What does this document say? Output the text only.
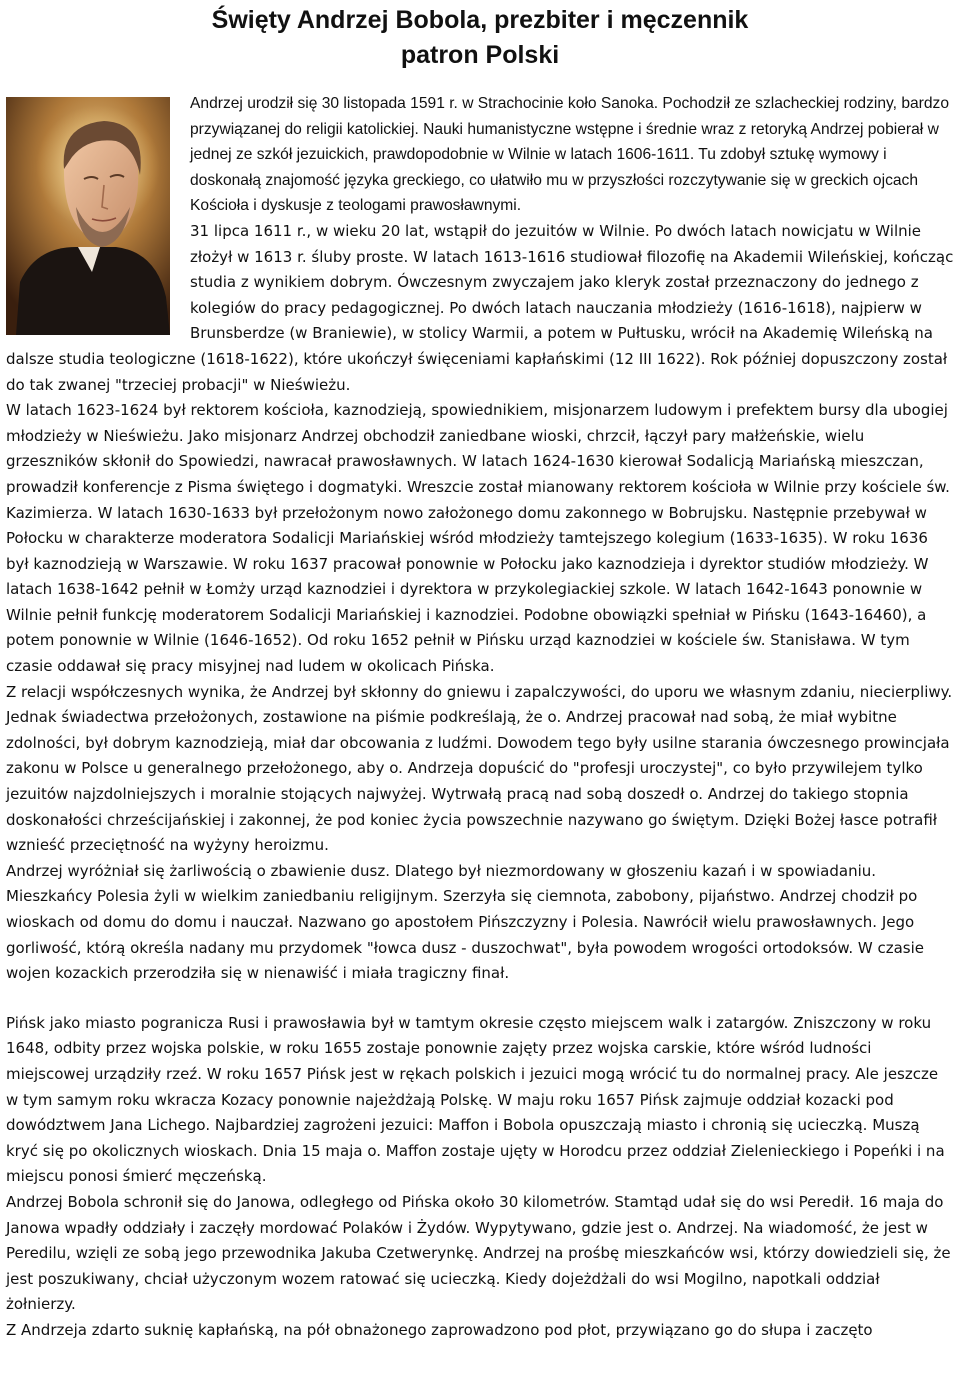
Święty Andrzej Bobola, prezbiter i męczennik
patron Polski

Andrzej urodził się 30 listopada 1591 r. w Strachocinie koło Sanoka. Pochodził ze szlacheckiej rodziny, bardzo przywiązanej do religii katolickiej. Nauki humanistyczne wstępne i średnie wraz z retoryką Andrzej pobierał w jednej ze szkół jezuickich, prawdopodobnie w Wilnie w latach 1606-1611. Tu zdobył sztukę wymowy i doskonałą znajomość języka greckiego, co ułatwiło mu w przyszłości rozczytywanie się w greckich ojcach Kościoła i dyskusje z teologami prawosławnymi.

31 lipca 1611 r., w wieku 20 lat, wstąpił do jezuitów w Wilnie. Po dwóch latach nowicjatu w Wilnie złożył w 1613 r. śluby proste. W latach 1613-1616 studiował filozofię na Akademii Wileńskiej, kończąc studia z wynikiem dobrym. Ówczesnym zwyczajem jako kleryk został przeznaczony do jednego z kolegiów do pracy pedagogicznej. Po dwóch latach nauczania młodzieży (1616-1618), najpierw w Brunsberdze (w Braniewie), w stolicy Warmii, a potem w Pułtusku, wrócił na Akademię Wileńską na dalsze studia teologiczne (1618-1622), które ukończył święceniami kapłańskimi (12 III 1622). Rok później dopuszczony został do tak zwanej "trzeciej probacji" w Nieświeżu.

W latach 1623-1624 był rektorem kościoła, kaznodzieją, spowiednikiem, misjonarzem ludowym i prefektem bursy dla ubogiej młodzieży w Nieświeżu. Jako misjonarz Andrzej obchodził zaniedbane wioski, chrzcił, łączył pary małżeńskie, wielu grzeszników skłonił do Spowiedzi, nawracał prawosławnych. W latach 1624-1630 kierował Sodalicją Mariańską mieszczan, prowadził konferencje z Pisma świętego i dogmatyki. Wreszcie został mianowany rektorem kościoła w Wilnie przy kościele św. Kazimierza. W latach 1630-1633 był przełożonym nowo założonego domu zakonnego w Bobrujsku. Następnie przebywał w Połocku w charakterze moderatora Sodalicji Mariańskiej wśród młodzieży tamtejszego kolegium (1633-1635). W roku 1636 był kaznodzieją w Warszawie. W roku 1637 pracował ponownie w Połocku jako kaznodzieja i dyrektor studiów młodzieży. W latach 1638-1642 pełnił w Łomży urząd kaznodziei i dyrektora w przykolegiackiej szkole. W latach 1642-1643 ponownie w Wilnie pełnił funkcję moderatorem Sodalicji Mariańskiej i kaznodziei. Podobne obowiązki spełniał w Pińsku (1643-16460), a potem ponownie w Wilnie (1646-1652). Od roku 1652 pełnił w Pińsku urząd kaznodziei w kościele św. Stanisława. W tym czasie oddawał się pracy misyjnej nad ludem w okolicach Pińska.

Z relacji współczesnych wynika, że Andrzej był skłonny do gniewu i zapalczywości, do uporu we własnym zdaniu, niecierpliwy. Jednak świadectwa przełożonych, zostawione na piśmie podkreślają, że o. Andrzej pracował nad sobą, że miał wybitne zdolności, był dobrym kaznodzieją, miał dar obcowania z ludźmi. Dowodem tego były usilne starania ówczesnego prowincjała zakonu w Polsce u generalnego przełożonego, aby o. Andrzeja dopuścić do "profesji uroczystej", co było przywilejem tylko jezuitów najzdolniejszych i moralnie stojących najwyżej. Wytrwałą pracą nad sobą doszedł o. Andrzej do takiego stopnia doskonałości chrześcijańskiej i zakonnej, że pod koniec życia powszechnie nazywano go świętym. Dzięki Bożej łasce potrafił wznieść przeciętność na wyżyny heroizmu.

Andrzej wyróżniał się żarliwością o zbawienie dusz. Dlatego był niezmordowany w głoszeniu kazań i w spowiadaniu. Mieszkańcy Polesia żyli w wielkim zaniedbaniu religijnym. Szerzyła się ciemnota, zabobony, pijaństwo. Andrzej chodził po wioskach od domu do domu i nauczał. Nazwano go apostołem Pińszczyzny i Polesia. Nawrócił wielu prawosławnych. Jego gorliwość, którą określa nadany mu przydomek "łowca dusz - duszochwat", była powodem wrogości ortodoksów. W czasie wojen kozackich przerodziła się w nienawiść i miała tragiczny finał.

Pińsk jako miasto pogranicza Rusi i prawosławia był w tamtym okresie często miejscem walk i zatargów. Zniszczony w roku 1648, odbity przez wojska polskie, w roku 1655 zostaje ponownie zajęty przez wojska carskie, które wśród ludności miejscowej urządziły rzeź. W roku 1657 Pińsk jest w rękach polskich i jezuici mogą wrócić tu do normalnej pracy. Ale jeszcze w tym samym roku wkracza Kozacy ponownie najeżdżają Polskę. W maju roku 1657 Pińsk zajmuje oddział kozacki pod dowództwem Jana Lichego. Najbardziej zagrożeni jezuici: Maffon i Bobola opuszczają miasto i chronią się ucieczką. Muszą kryć się po okolicznych wioskach. Dnia 15 maja o. Maffon zostaje ujęty w Horodcu przez oddział Zielenieckiego i Popeńki i na miejscu ponosi śmierć męczeńską.

Andrzej Bobola schronił się do Janowa, odległego od Pińska około 30 kilometrów. Stamtąd udał się do wsi Peredił. 16 maja do Janowa wpadły oddziały i zaczęły mordować Polaków i Żydów. Wypytywano, gdzie jest o. Andrzej. Na wiadomość, że jest w Peredilu, wzięli ze sobą jego przewodnika Jakuba Czetwerynkę. Andrzej na prośbę mieszkańców wsi, którzy dowiedzieli się, że jest poszukiwany, chciał użyczonym wozem ratować się ucieczką. Kiedy dojeżdżali do wsi Mogilno, napotkali oddział żołnierzy.

Z Andrzeja zdarto suknię kapłańską, na pół obnażonego zaprowadzono pod płot, przywiązano go do słupa i zaczęto
